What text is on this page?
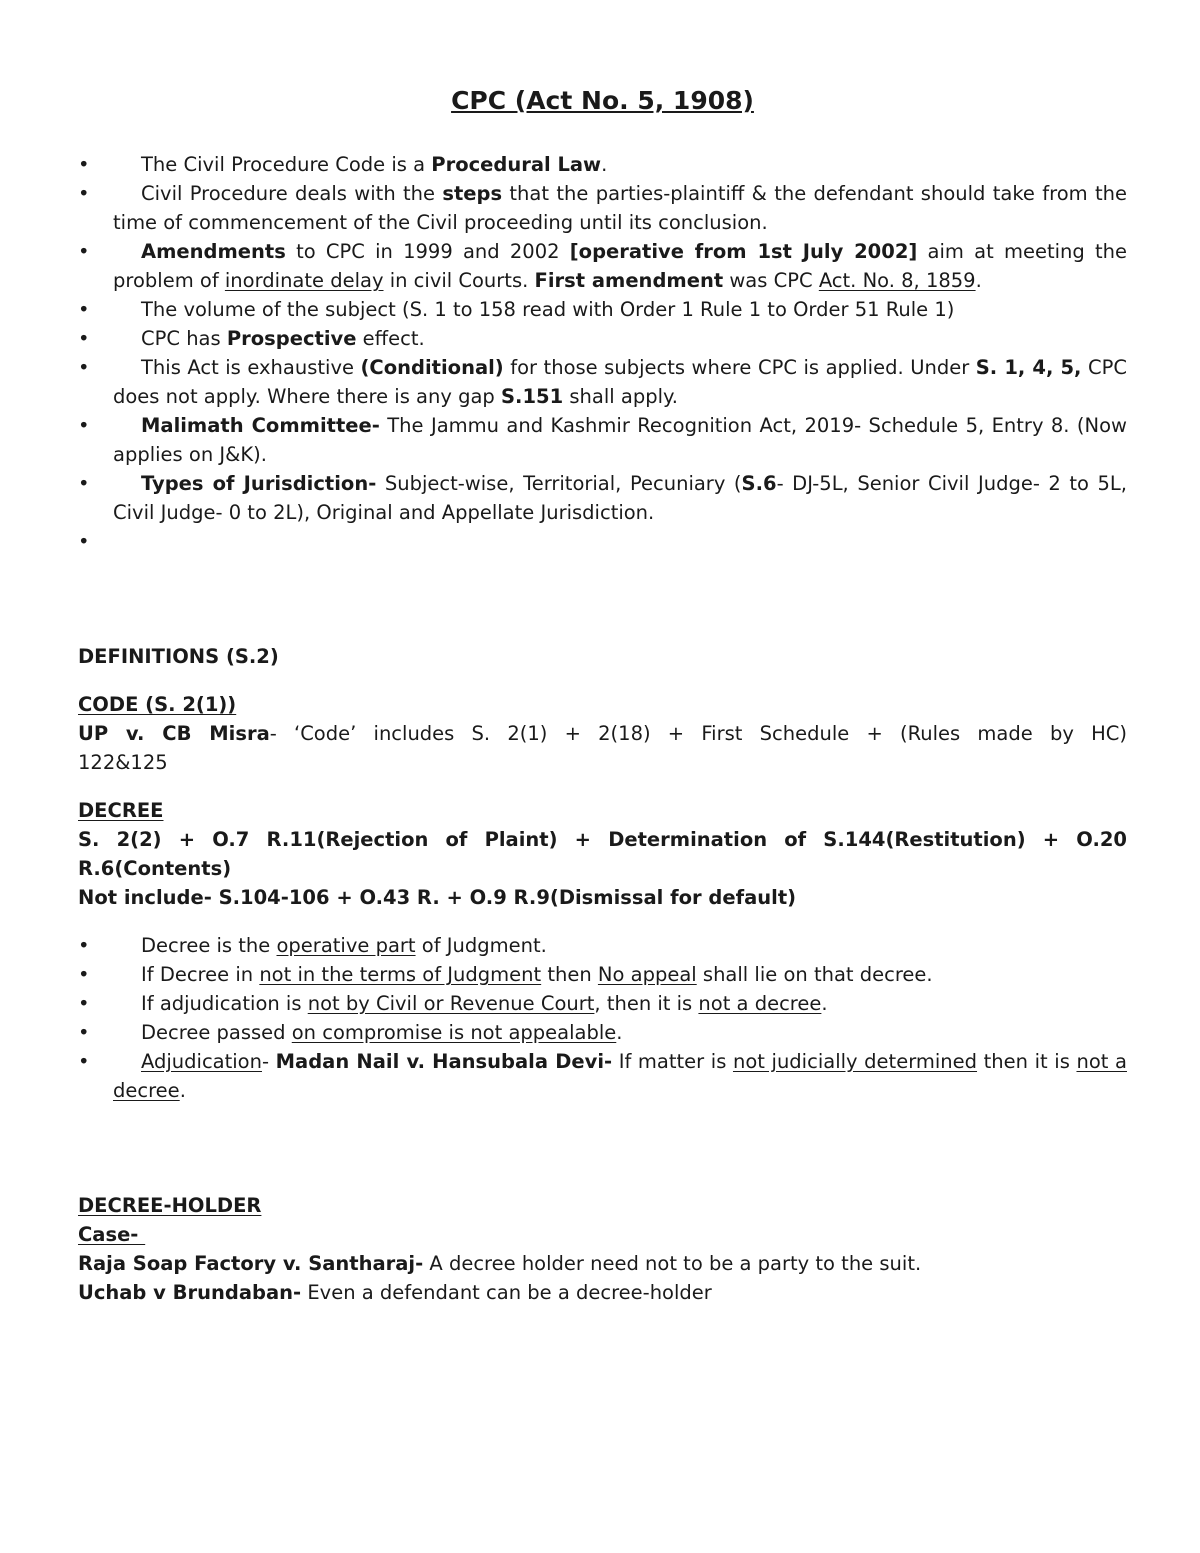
CPC (Act No. 5, 1908)
•	The Civil Procedure Code is a Procedural Law.
•	Civil Procedure deals with the steps that the parties-plaintiff & the defendant should take from the time of commencement of the Civil proceeding until its conclusion.
•	Amendments to CPC in 1999 and 2002 [operative from 1st July 2002] aim at meeting the problem of inordinate delay in civil Courts. First amendment was CPC Act. No. 8, 1859.
•	The volume of the subject (S. 1 to 158 read with Order 1 Rule 1 to Order 51 Rule 1)
•	CPC has Prospective effect.
•	This Act is exhaustive (Conditional) for those subjects where CPC is applied. Under S. 1, 4, 5, CPC does not apply. Where there is any gap S.151 shall apply.
•	Malimath Committee- The Jammu and Kashmir Recognition Act, 2019- Schedule 5, Entry 8. (Now applies on J&K).
•	Types of Jurisdiction- Subject-wise, Territorial, Pecuniary (S.6- DJ-5L, Senior Civil Judge- 2 to 5L, Civil Judge- 0 to 2L), Original and Appellate Jurisdiction.
•

DEFINITIONS (S.2)

CODE (S. 2(1))

UP v. CB Misra- ‘Code’ includes S. 2(1) + 2(18) + First Schedule + (Rules made by HC) 122&125

DECREE

S. 2(2) + O.7 R.11(Rejection of Plaint) + Determination of S.144(Restitution) + O.20 R.6(Contents)

Not include- S.104-106 + O.43 R. + O.9 R.9(Dismissal for default)

•	Decree is the operative part of Judgment.
•	If Decree in not in the terms of Judgment then No appeal shall lie on that decree.
•	If adjudication is not by Civil or Revenue Court, then it is not a decree.
•	Decree passed on compromise is not appealable.
•	Adjudication- Madan Nail v. Hansubala Devi- If matter is not judicially determined then it is not a decree.

DECREE-HOLDER

Case-

Raja Soap Factory v. Santharaj- A decree holder need not to be a party to the suit.

Uchab v Brundaban- Even a defendant can be a decree-holder
